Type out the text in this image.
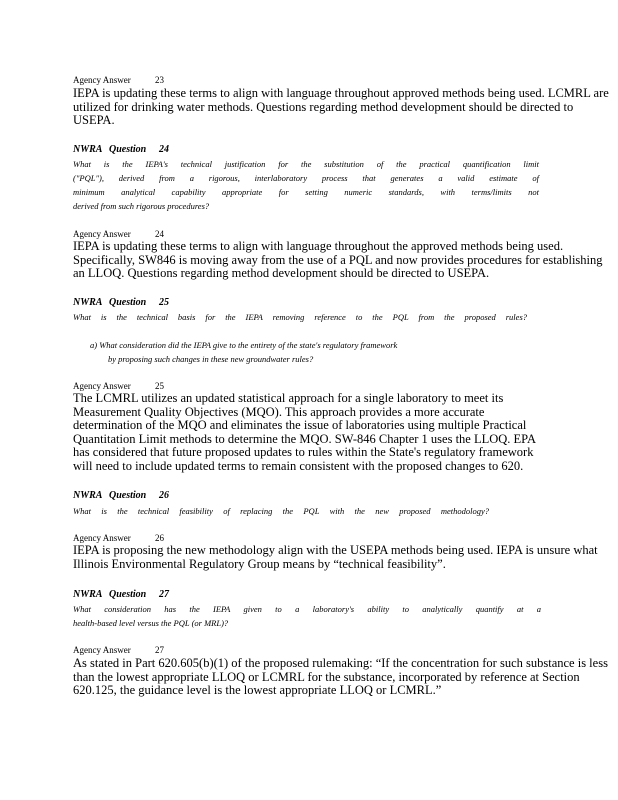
Agency Answer	23

IEPA is updating these terms to align with language throughout approved methods being used. LCMRL are utilized for drinking water methods. Questions regarding method development should be directed to USEPA.

NWRA Question 24
What is the IEPA's technical justification for the substitution of the practical quantification limit
("PQL"), derived from a rigorous, interlaboratory process that generates a valid estimate of
minimum analytical capability appropriate for setting numeric standards, with terms/limits not
derived from such rigorous procedures?
Agency Answer	24

IEPA is updating these terms to align with language throughout the approved methods being used. Specifically, SW846 is moving away from the use of a PQL and now provides procedures for establishing an LLOQ. Questions regarding method development should be directed to USEPA.

NWRA Question 25
What is the technical basis for the IEPA removing reference to the PQL from the proposed rules?
a) What consideration did the IEPA give to the entirety of the state's regulatory framework
by proposing such changes in these new groundwater rules?
Agency Answer	25

The LCMRL utilizes an updated statistical approach for a single laboratory to meet its

Measurement Quality Objectives (MQO). This approach provides a more accurate

determination of the MQO and eliminates the issue of laboratories using multiple Practical

Quantitation Limit methods to determine the MQO. SW-846 Chapter 1 uses the LLOQ. EPA

has considered that future proposed updates to rules within the State's regulatory framework

will need to include updated terms to remain consistent with the proposed changes to 620.

NWRA Question 26
What is the technical feasibility of replacing the PQL with the new proposed methodology?
Agency Answer	26

IEPA is proposing the new methodology align with the USEPA methods being used. IEPA is unsure what Illinois Environmental Regulatory Group means by “technical feasibility”.

NWRA Question 27
What consideration has the IEPA given to a laboratory's ability to analytically quantify at a
health-based level versus the PQL (or MRL)?
Agency Answer	27

As stated in Part 620.605(b)(1) of the proposed rulemaking: “If the concentration for such substance is less than the lowest appropriate LLOQ or LCMRL for the substance, incorporated by reference at Section 620.125, the guidance level is the lowest appropriate LLOQ or LCMRL.”
